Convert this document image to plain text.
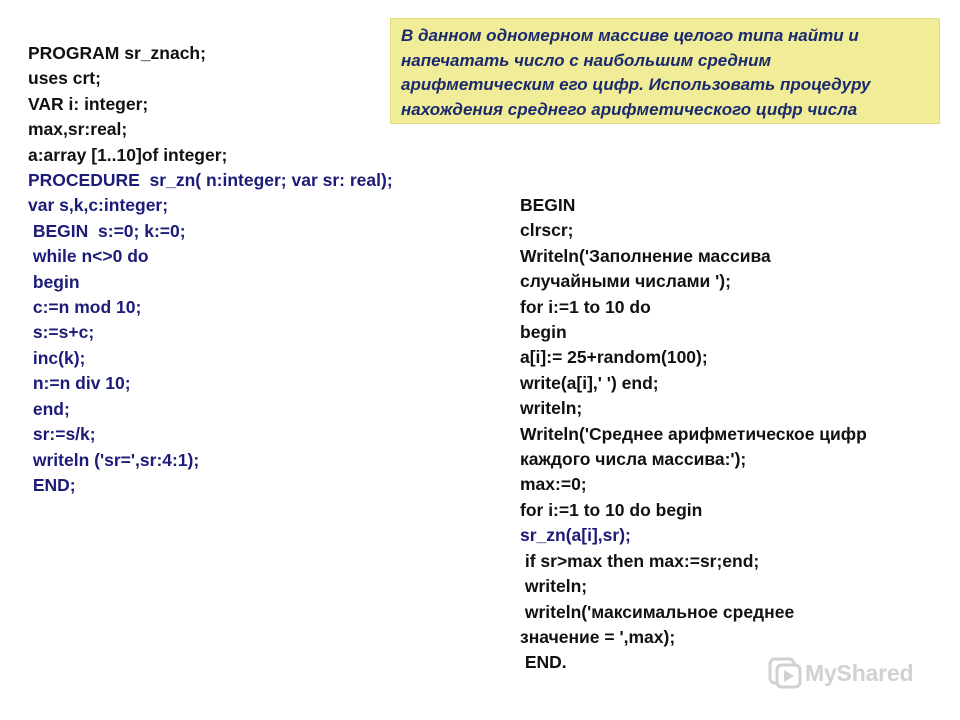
В данном одномерном массиве целого типа найти и
напечатать число с наибольшим средним
арифметическим его цифр. Использовать процедуру
нахождения среднего арифметического цифр числа
PROGRAM sr_znach;
uses crt;
VAR i: integer;
max,sr:real;
a:array [1..10]of integer;
PROCEDURE  sr_zn( n:integer; var sr: real);
var s,k,c:integer;
BEGIN  s:=0; k:=0;
while n<>0 do
begin
c:=n mod 10;
s:=s+c;
inc(k);
n:=n div 10;
end;
sr:=s/k;
writeln ('sr=',sr:4:1);
END;
BEGIN
clrscr;
Writeln('Заполнение массива
случайными числами ');
for i:=1 to 10 do
begin
a[i]:= 25+random(100);
write(a[i],' ') end;
writeln;
Writeln('Среднее арифметическое цифр
каждого числа массива:');
max:=0;
for i:=1 to 10 do begin
sr_zn(a[i],sr);
if sr>max then max:=sr;end;
writeln;
writeln('максимальное среднее
значение = ',max);
END.	MyShared
